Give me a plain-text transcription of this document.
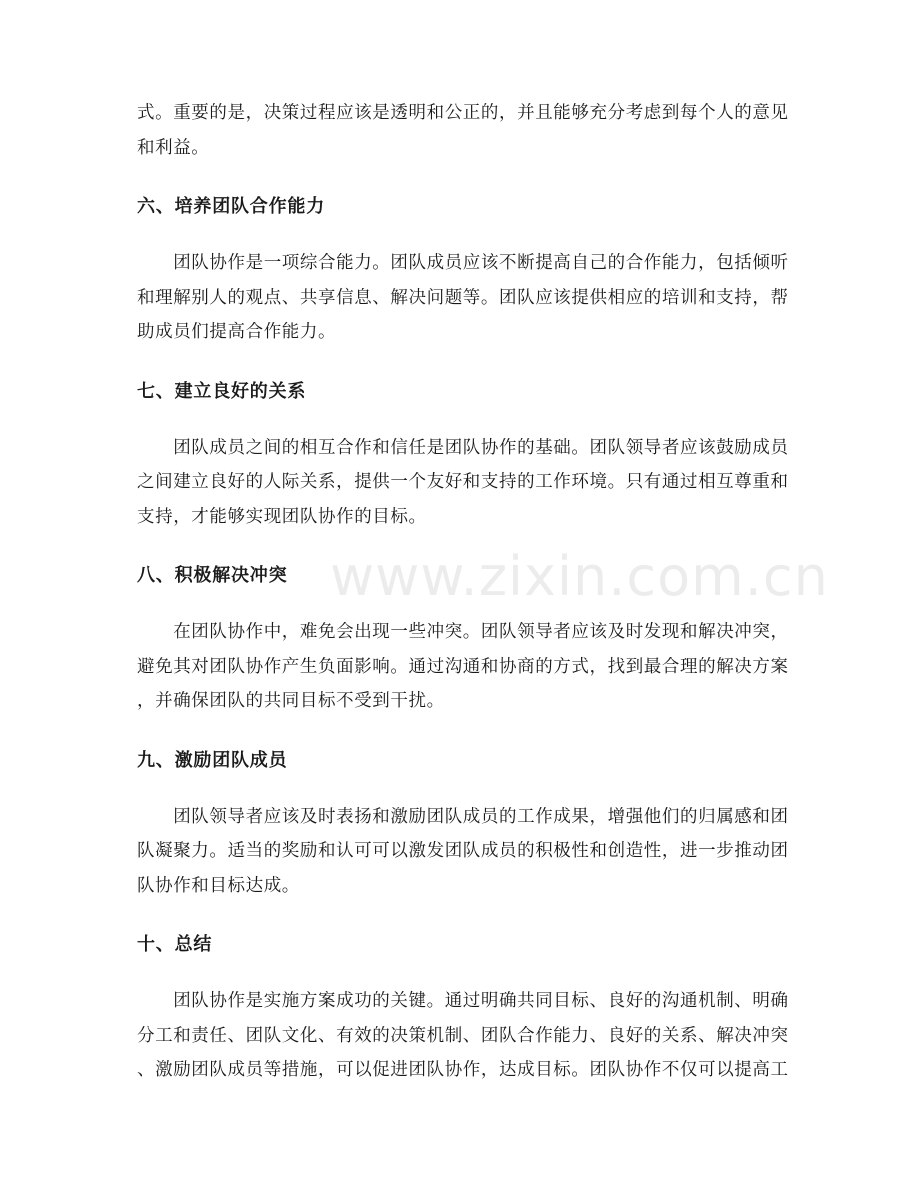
www.zixin.com.cn

式。重要的是，决策过程应该是透明和公正的，并且能够充分考虑到每个人的意见
和利益。

六、培养团队合作能力

　　团队协作是一项综合能力。团队成员应该不断提高自己的合作能力，包括倾听
和理解别人的观点、共享信息、解决问题等。团队应该提供相应的培训和支持，帮
助成员们提高合作能力。

七、建立良好的关系

　　团队成员之间的相互合作和信任是团队协作的基础。团队领导者应该鼓励成员
之间建立良好的人际关系，提供一个友好和支持的工作环境。只有通过相互尊重和
支持，才能够实现团队协作的目标。

八、积极解决冲突

　　在团队协作中，难免会出现一些冲突。团队领导者应该及时发现和解决冲突，
避免其对团队协作产生负面影响。通过沟通和协商的方式，找到最合理的解决方案
，并确保团队的共同目标不受到干扰。

九、激励团队成员

　　团队领导者应该及时表扬和激励团队成员的工作成果，增强他们的归属感和团
队凝聚力。适当的奖励和认可可以激发团队成员的积极性和创造性，进一步推动团
队协作和目标达成。

十、总结

　　团队协作是实施方案成功的关键。通过明确共同目标、良好的沟通机制、明确
分工和责任、团队文化、有效的决策机制、团队合作能力、良好的关系、解决冲突
、激励团队成员等措施，可以促进团队协作，达成目标。团队协作不仅可以提高工
